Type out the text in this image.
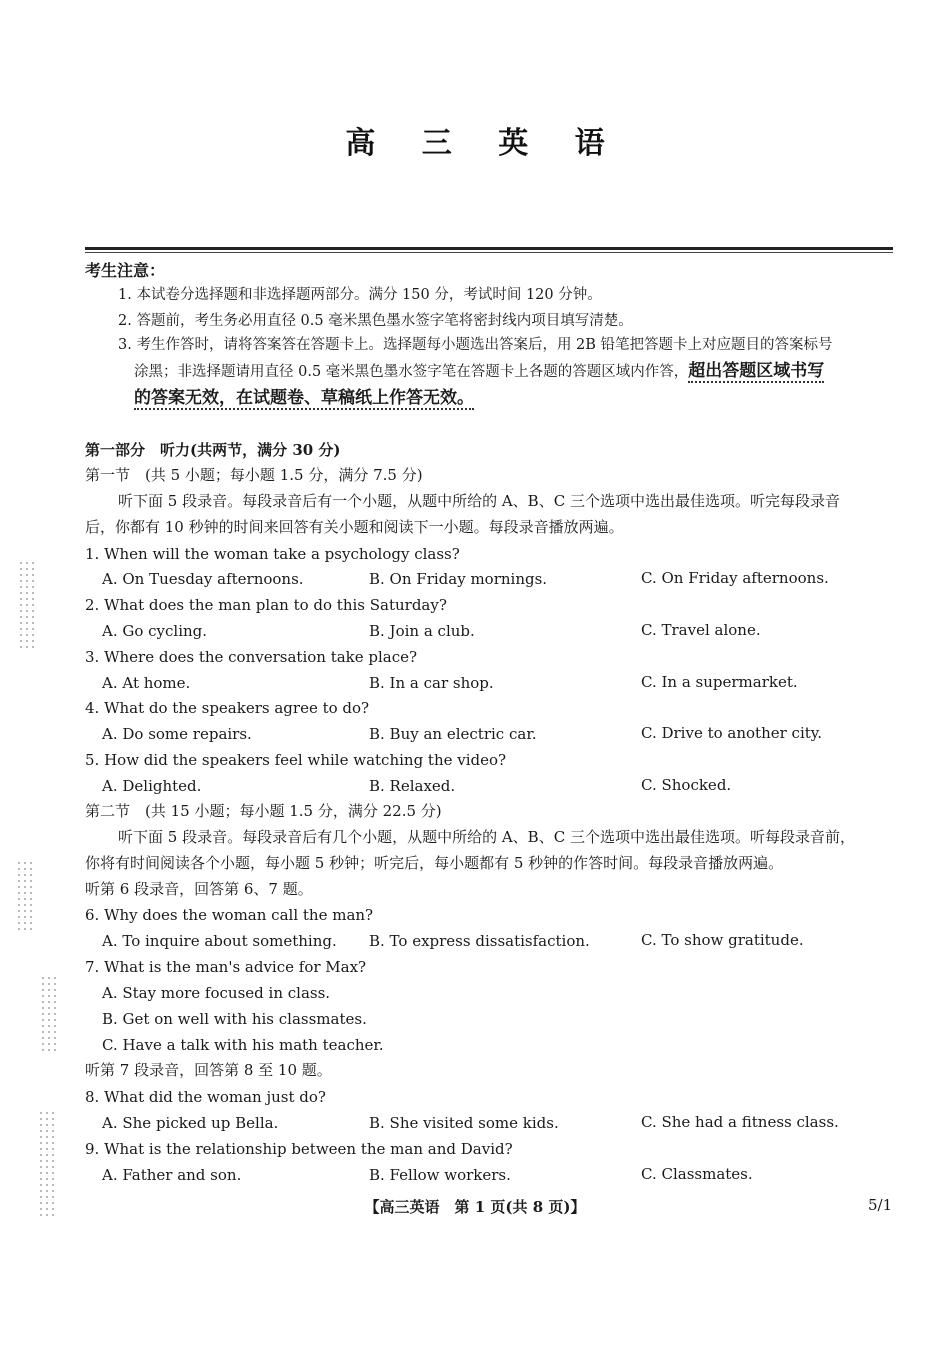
高 三 英 语
考生注意：
1. 本试卷分选择题和非选择题两部分。满分 150 分，考试时间 120 分钟。
2. 答题前，考生务必用直径 0.5 毫米黑色墨水签字笔将密封线内项目填写清楚。
3. 考生作答时，请将答案答在答题卡上。选择题每小题选出答案后，用 2B 铅笔把答题卡上对应题目的答案标号
涂黑；非选择题请用直径 0.5 毫米黑色墨水签字笔在答题卡上各题的答题区域内作答，超出答题区域书写
的答案无效，在试题卷、草稿纸上作答无效。
第一部分　听力(共两节，满分 30 分)
第一节　(共 5 小题；每小题 1.5 分，满分 7.5 分)
听下面 5 段录音。每段录音后有一个小题，从题中所给的 A、B、C 三个选项中选出最佳选项。听完每段录音
后，你都有 10 秒钟的时间来回答有关小题和阅读下一小题。每段录音播放两遍。
1. When will the woman take a psychology class?
A. On Tuesday afternoons.	B. On Friday mornings.	C. On Friday afternoons.
2. What does the man plan to do this Saturday?
A. Go cycling.	B. Join a club.	C. Travel alone.
3. Where does the conversation take place?
A. At home.	B. In a car shop.	C. In a supermarket.
4. What do the speakers agree to do?
A. Do some repairs.	B. Buy an electric car.	C. Drive to another city.
5. How did the speakers feel while watching the video?
A. Delighted.	B. Relaxed.	C. Shocked.
第二节　(共 15 小题；每小题 1.5 分，满分 22.5 分)
听下面 5 段录音。每段录音后有几个小题，从题中所给的 A、B、C 三个选项中选出最佳选项。听每段录音前，
你将有时间阅读各个小题，每小题 5 秒钟；听完后，每小题都有 5 秒钟的作答时间。每段录音播放两遍。
听第 6 段录音，回答第 6、7 题。
6. Why does the woman call the man?
A. To inquire about something. B. To express dissatisfaction.	C. To show gratitude.
7. What is the man's advice for Max?
A. Stay more focused in class.
B. Get on well with his classmates.
C. Have a talk with his math teacher.
听第 7 段录音，回答第 8 至 10 题。
8. What did the woman just do?
A. She picked up Bella.	B. She visited some kids.	C. She had a fitness class.
9. What is the relationship between the man and David?
A. Father and son.	B. Fellow workers.	C. Classmates.
【高三英语　第 1 页(共 8 页)】	5/1
